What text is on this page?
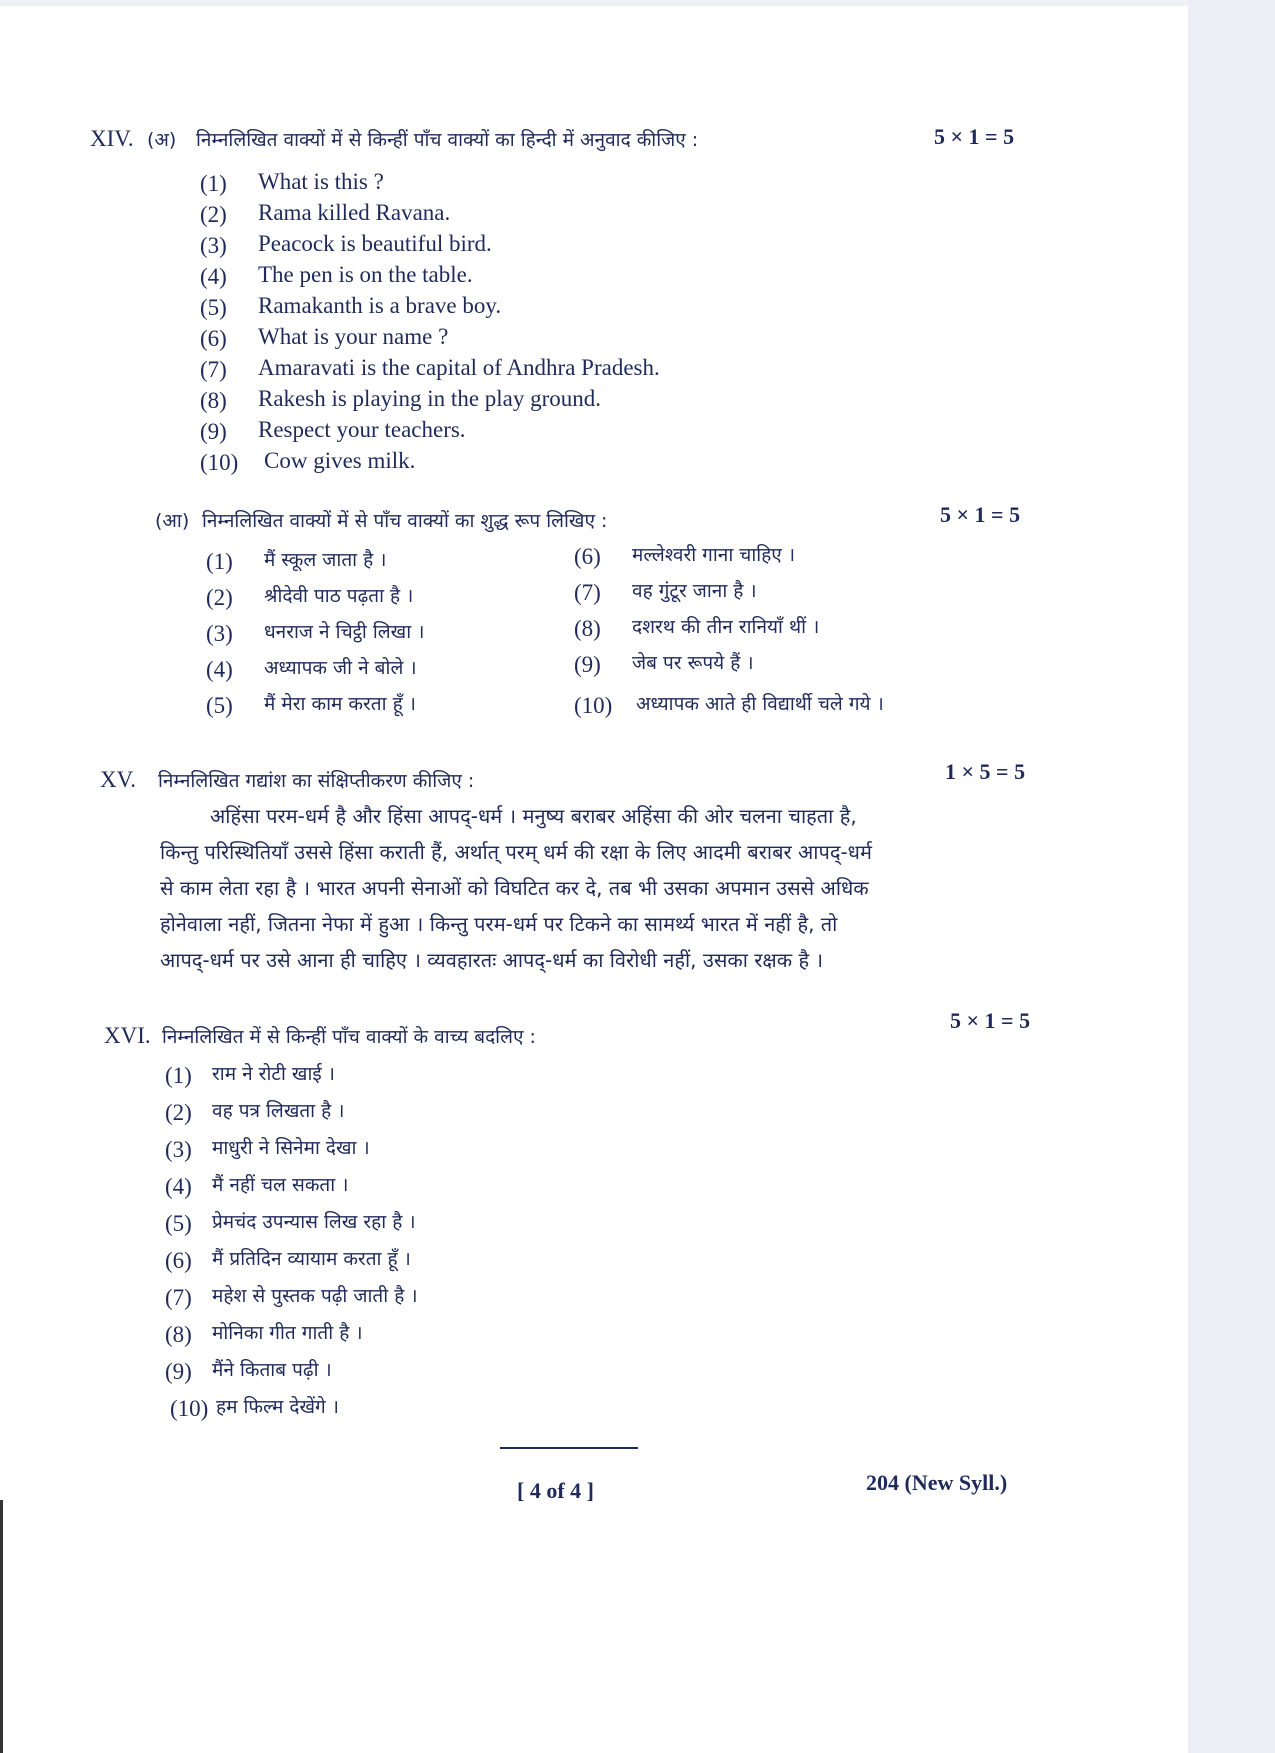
XIV. (अ) निम्नलिखित वाक्यों में से किन्हीं पाँच वाक्यों का हिन्दी में अनुवाद कीजिए :	5 × 1 = 5
(1) What is this ?
(2) Rama killed Ravana.
(3) Peacock is beautiful bird.
(4) The pen is on the table.
(5) Ramakanth is a brave boy.
(6) What is your name ?
(7) Amaravati is the capital of Andhra Pradesh.
(8) Rakesh is playing in the play ground.
(9) Respect your teachers.
(10) Cow gives milk.
(आ) निम्नलिखित वाक्यों में से पाँच वाक्यों का शुद्ध रूप लिखिए :	5 × 1 = 5
(1) मैं स्कूल जाता है ।
(2) श्रीदेवी पाठ पढ़ता है ।
(3) धनराज ने चिट्ठी लिखा ।
(4) अध्यापक जी ने बोले ।
(5) मैं मेरा काम करता हूँ ।
(6) मल्लेश्वरी गाना चाहिए ।
(7) वह गुंटूर जाना है ।
(8) दशरथ की तीन रानियाँ थीं ।
(9) जेब पर रूपये हैं ।
(10) अध्यापक आते ही विद्यार्थी चले गये ।
XV. निम्नलिखित गद्यांश का संक्षिप्तीकरण कीजिए :	1 × 5 = 5
अहिंसा परम-धर्म है और हिंसा आपद्-धर्म । मनुष्य बराबर अहिंसा की ओर चलना चाहता है,
किन्तु परिस्थितियाँ उससे हिंसा कराती हैं, अर्थात् परम् धर्म की रक्षा के लिए आदमी बराबर आपद्-धर्म
से काम लेता रहा है । भारत अपनी सेनाओं को विघटित कर दे, तब भी उसका अपमान उससे अधिक
होनेवाला नहीं, जितना नेफा में हुआ । किन्तु परम-धर्म पर टिकने का सामर्थ्य भारत में नहीं है, तो
आपद्-धर्म पर उसे आना ही चाहिए । व्यवहारतः आपद्-धर्म का विरोधी नहीं, उसका रक्षक है ।
XVI. निम्नलिखित में से किन्हीं पाँच वाक्यों के वाच्य बदलिए :
5 × 1 = 5
(1) राम ने रोटी खाई ।
(2) वह पत्र लिखता है ।
(3) माधुरी ने सिनेमा देखा ।
(4) मैं नहीं चल सकता ।
(5) प्रेमचंद उपन्यास लिख रहा है ।
(6) मैं प्रतिदिन व्यायाम करता हूँ ।
(7) महेश से पुस्तक पढ़ी जाती है ।
(8) मोनिका गीत गाती है ।
(9) मैंने किताब पढ़ी ।
(10) हम फिल्म देखेंगे ।
[ 4 of 4 ]	204 (New Syll.)
